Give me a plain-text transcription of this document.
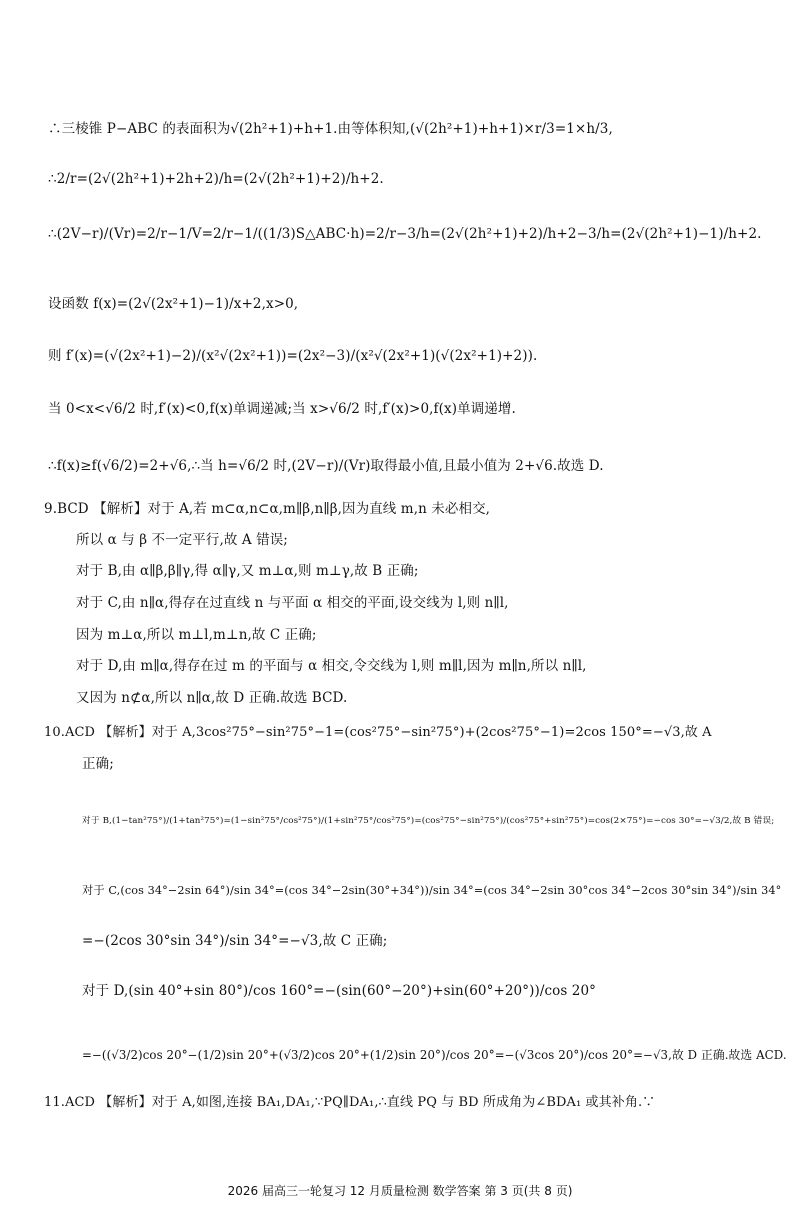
∴三棱锥 P−ABC 的表面积为√(2h²+1)+h+1.由等体积知,(√(2h²+1)+h+1)×r/3=1×h/3,
∴2/r=(2√(2h²+1)+2h+2)/h=(2√(2h²+1)+2)/h+2.
∴(2V−r)/(Vr)=2/r−1/V=2/r−1/((1/3)S△ABC·h)=2/r−3/h=(2√(2h²+1)+2)/h+2−3/h=(2√(2h²+1)−1)/h+2.
设函数 f(x)=(2√(2x²+1)−1)/x+2,x>0,
则 f′(x)=(√(2x²+1)−2)/(x²√(2x²+1))=(2x²−3)/(x²√(2x²+1)(√(2x²+1)+2)).
当 0<x<√6/2 时,f′(x)<0,f(x)单调递减;当 x>√6/2 时,f′(x)>0,f(x)单调递增.
∴f(x)≥f(√6/2)=2+√6,∴当 h=√6/2 时,(2V−r)/(Vr)取得最小值,且最小值为 2+√6.故选 D.
9.BCD 【解析】对于 A,若 m⊂α,n⊂α,m∥β,n∥β,因为直线 m,n 未必相交,
所以 α 与 β 不一定平行,故 A 错误;
对于 B,由 α∥β,β∥γ,得 α∥γ,又 m⊥α,则 m⊥γ,故 B 正确;
对于 C,由 n∥α,得存在过直线 n 与平面 α 相交的平面,设交线为 l,则 n∥l,
因为 m⊥α,所以 m⊥l,m⊥n,故 C 正确;
对于 D,由 m∥α,得存在过 m 的平面与 α 相交,令交线为 l,则 m∥l,因为 m∥n,所以 n∥l,
又因为 n⊄α,所以 n∥α,故 D 正确.故选 BCD.
10.ACD 【解析】对于 A,3cos²75°−sin²75°−1=(cos²75°−sin²75°)+(2cos²75°−1)=2cos 150°=−√3,故 A
正确;
对于 B,(1−tan²75°)/(1+tan²75°)=(1−sin²75°/cos²75°)/(1+sin²75°/cos²75°)=(cos²75°−sin²75°)/(cos²75°+sin²75°)=cos(2×75°)=−cos 30°=−√3/2,故 B 错误;
对于 C,(cos 34°−2sin 64°)/sin 34°=(cos 34°−2sin(30°+34°))/sin 34°=(cos 34°−2sin 30°cos 34°−2cos 30°sin 34°)/sin 34°
=−(2cos 30°sin 34°)/sin 34°=−√3,故 C 正确;
对于 D,(sin 40°+sin 80°)/cos 160°=−(sin(60°−20°)+sin(60°+20°))/cos 20°
=−((√3/2)cos 20°−(1/2)sin 20°+(√3/2)cos 20°+(1/2)sin 20°)/cos 20°=−(√3cos 20°)/cos 20°=−√3,故 D 正确.故选 ACD.
11.ACD 【解析】对于 A,如图,连接 BA₁,DA₁,∵PQ∥DA₁,∴直线 PQ 与 BD 所成角为∠BDA₁ 或其补角.∵
2026 届高三一轮复习 12 月质量检测 数学答案 第 3 页(共 8 页)
